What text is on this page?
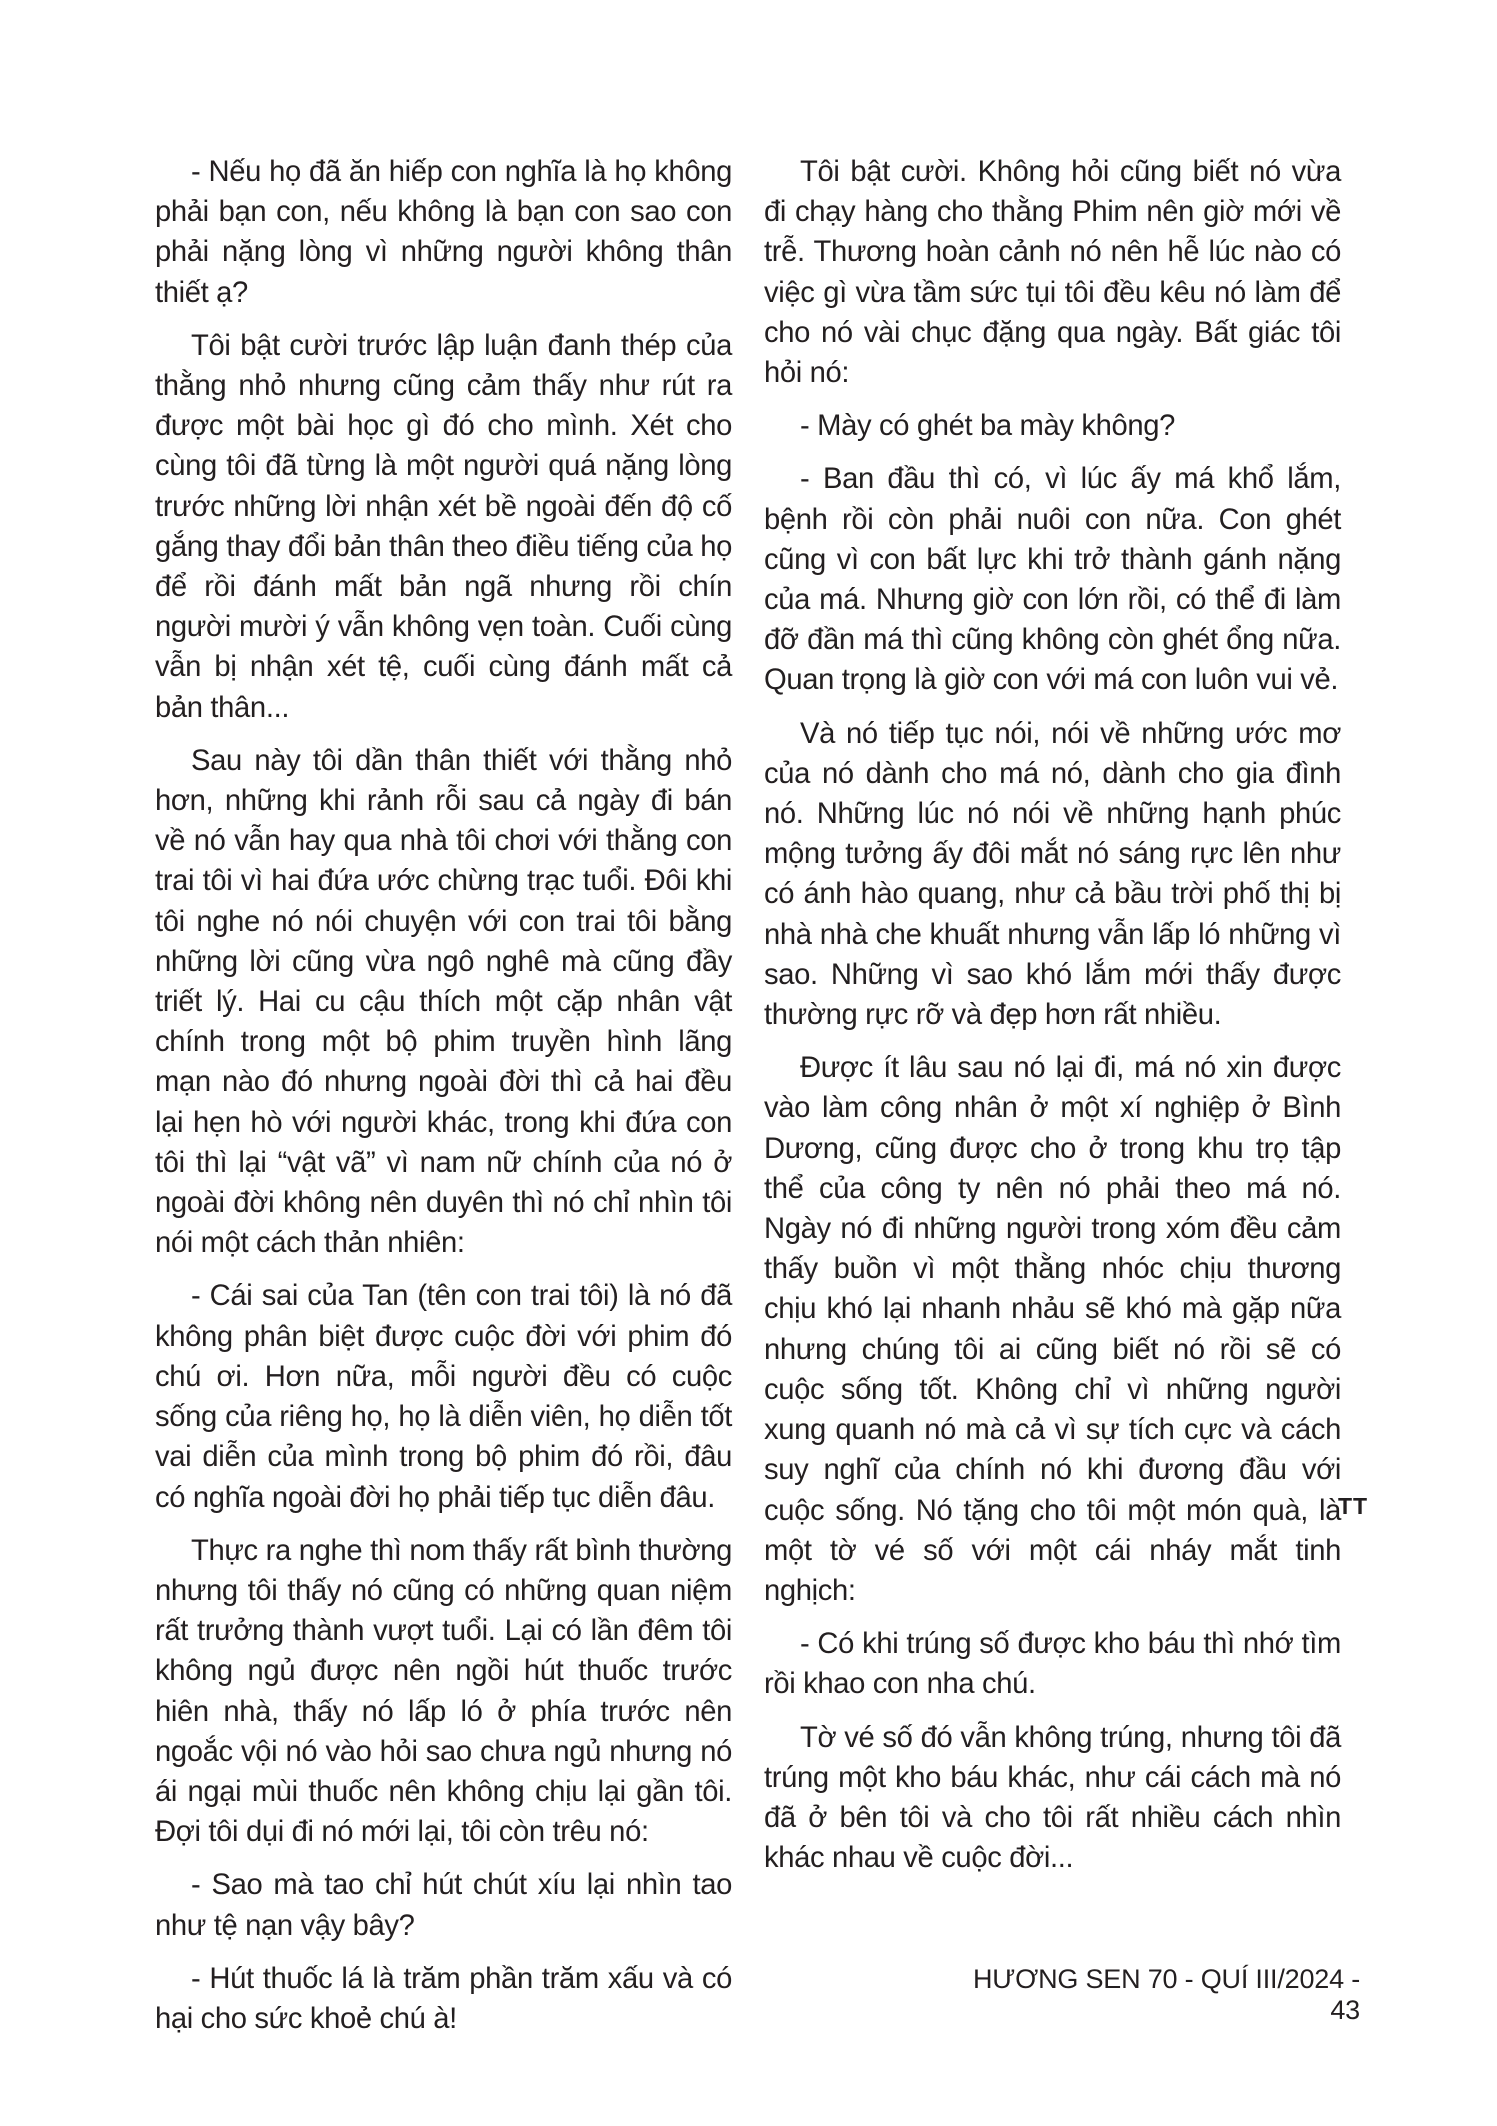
- Nếu họ đã ăn hiếp con nghĩa là họ không phải bạn con, nếu không là bạn con sao con phải nặng lòng vì những người không thân thiết ạ?

Tôi bật cười trước lập luận đanh thép của thằng nhỏ nhưng cũng cảm thấy như rút ra được một bài học gì đó cho mình. Xét cho cùng tôi đã từng là một người quá nặng lòng trước những lời nhận xét bề ngoài đến độ cố gắng thay đổi bản thân theo điều tiếng của họ để rồi đánh mất bản ngã nhưng rồi chín người mười ý vẫn không vẹn toàn. Cuối cùng vẫn bị nhận xét tệ, cuối cùng đánh mất cả bản thân...

Sau này tôi dần thân thiết với thằng nhỏ hơn, những khi rảnh rỗi sau cả ngày đi bán về nó vẫn hay qua nhà tôi chơi với thằng con trai tôi vì hai đứa ước chừng trạc tuổi. Đôi khi tôi nghe nó nói chuyện với con trai tôi bằng những lời cũng vừa ngô nghê mà cũng đầy triết lý. Hai cu cậu thích một cặp nhân vật chính trong một bộ phim truyền hình lãng mạn nào đó nhưng ngoài đời thì cả hai đều lại hẹn hò với người khác, trong khi đứa con tôi thì lại “vật vã” vì nam nữ chính của nó ở ngoài đời không nên duyên thì nó chỉ nhìn tôi nói một cách thản nhiên:

- Cái sai của Tan (tên con trai tôi) là nó đã không phân biệt được cuộc đời với phim đó chú ơi. Hơn nữa, mỗi người đều có cuộc sống của riêng họ, họ là diễn viên, họ diễn tốt vai diễn của mình trong bộ phim đó rồi, đâu có nghĩa ngoài đời họ phải tiếp tục diễn đâu.

Thực ra nghe thì nom thấy rất bình thường nhưng tôi thấy nó cũng có những quan niệm rất trưởng thành vượt tuổi. Lại có lần đêm tôi không ngủ được nên ngồi hút thuốc trước hiên nhà, thấy nó lấp ló ở phía trước nên ngoắc vội nó vào hỏi sao chưa ngủ nhưng nó ái ngại mùi thuốc nên không chịu lại gần tôi. Đợi tôi dụi đi nó mới lại, tôi còn trêu nó:

- Sao mà tao chỉ hút chút xíu lại nhìn tao như tệ nạn vậy bây?

- Hút thuốc lá là trăm phần trăm xấu và có hại cho sức khoẻ chú à!

Tôi bật cười. Không hỏi cũng biết nó vừa đi chạy hàng cho thằng Phim nên giờ mới về trễ. Thương hoàn cảnh nó nên hễ lúc nào có việc gì vừa tầm sức tụi tôi đều kêu nó làm để cho nó vài chục đặng qua ngày. Bất giác tôi hỏi nó:

- Mày có ghét ba mày không?

- Ban đầu thì có, vì lúc ấy má khổ lắm, bệnh rồi còn phải nuôi con nữa. Con ghét cũng vì con bất lực khi trở thành gánh nặng của má. Nhưng giờ con lớn rồi, có thể đi làm đỡ đần má thì cũng không còn ghét ổng nữa. Quan trọng là giờ con với má con luôn vui vẻ.

Và nó tiếp tục nói, nói về những ước mơ của nó dành cho má nó, dành cho gia đình nó. Những lúc nó nói về những hạnh phúc mộng tưởng ấy đôi mắt nó sáng rực lên như có ánh hào quang, như cả bầu trời phố thị bị nhà nhà che khuất nhưng vẫn lấp ló những vì sao. Những vì sao khó lắm mới thấy được thường rực rỡ và đẹp hơn rất nhiều.

Được ít lâu sau nó lại đi, má nó xin được vào làm công nhân ở một xí nghiệp ở Bình Dương, cũng được cho ở trong khu trọ tập thể của công ty nên nó phải theo má nó. Ngày nó đi những người trong xóm đều cảm thấy buồn vì một thằng nhóc chịu thương chịu khó lại nhanh nhảu sẽ khó mà gặp nữa nhưng chúng tôi ai cũng biết nó rồi sẽ có cuộc sống tốt. Không chỉ vì những người xung quanh nó mà cả vì sự tích cực và cách suy nghĩ của chính nó khi đương đầu với cuộc sống. Nó tặng cho tôi một món quà, là một tờ vé số với một cái nháy mắt tinh nghịch:

- Có khi trúng số được kho báu thì nhớ tìm rồi khao con nha chú.

Tờ vé số đó vẫn không trúng, nhưng tôi đã trúng một kho báu khác, như cái cách mà nó đã ở bên tôi và cho tôi rất nhiều cách nhìn khác nhau về cuộc đời...

TT
HƯƠNG SEN 70 - QUÍ III/2024 - 43
